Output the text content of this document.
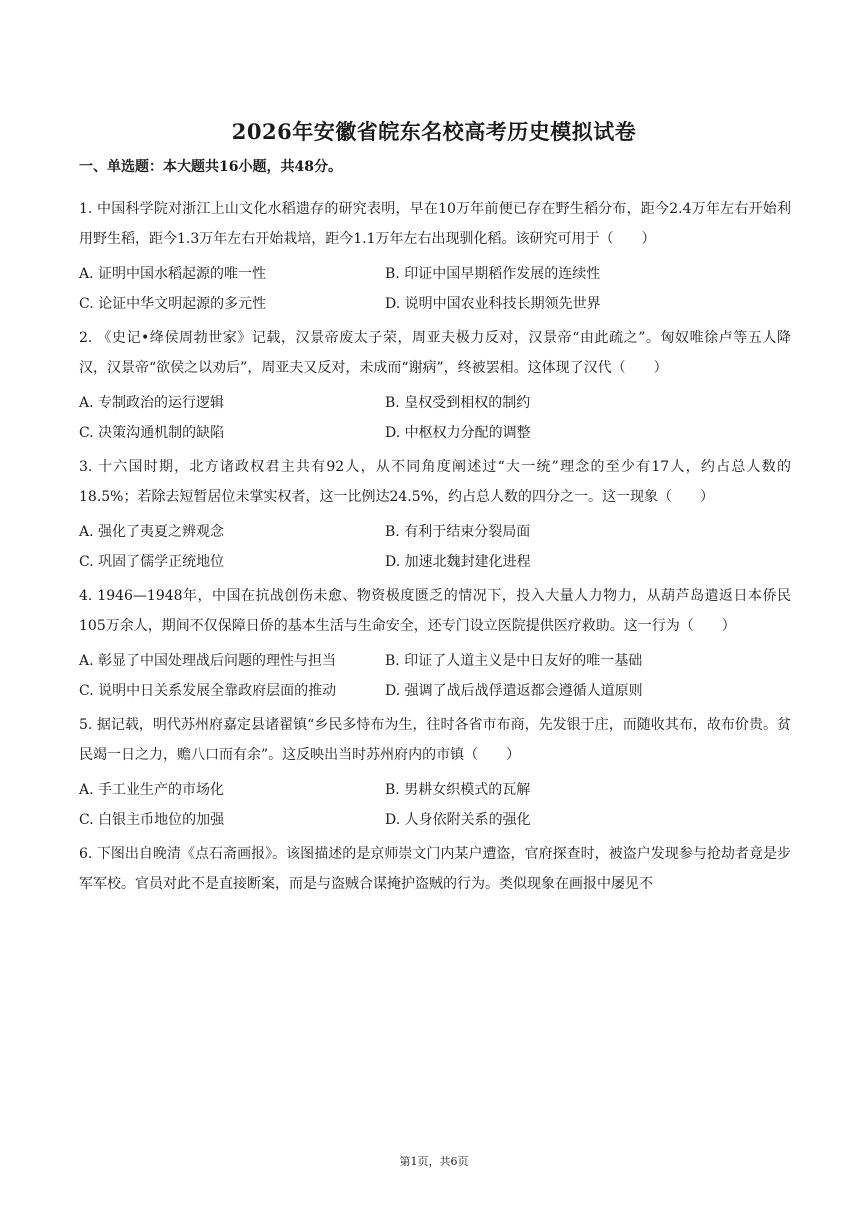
2026年安徽省皖东名校高考历史模拟试卷
一、单选题：本大题共16小题，共48分。

1. 中国科学院对浙江上山文化水稻遗存的研究表明，早在10万年前便已存在野生稻分布，距今2.4万年左右开始利用野生稻，距今1.3万年左右开始栽培，距今1.1万年左右出现驯化稻。该研究可用于（　　）

A. 证明中国水稻起源的唯一性	B. 印证中国早期稻作发展的连续性
C. 论证中华文明起源的多元性	D. 说明中国农业科技长期领先世界

2. 《史记•绛侯周勃世家》记载，汉景帝废太子荣，周亚夫极力反对，汉景帝“由此疏之”。匈奴唯徐卢等五人降汉，汉景帝“欲侯之以劝后”，周亚夫又反对，未成而“谢病”，终被罢相。这体现了汉代（　　）

A. 专制政治的运行逻辑	B. 皇权受到相权的制约
C. 决策沟通机制的缺陷	D. 中枢权力分配的调整

3. 十六国时期，北方诸政权君主共有92人，从不同角度阐述过“大一统”理念的至少有17人，约占总人数的18.5%；若除去短暂居位未掌实权者，这一比例达24.5%，约占总人数的四分之一。这一现象（　　）

A. 强化了夷夏之辨观念	B. 有利于结束分裂局面
C. 巩固了儒学正统地位	D. 加速北魏封建化进程

4. 1946—1948年，中国在抗战创伤未愈、物资极度匮乏的情况下，投入大量人力物力，从葫芦岛遣返日本侨民105万余人，期间不仅保障日侨的基本生活与生命安全，还专门设立医院提供医疗救助。这一行为（　　）

A. 彰显了中国处理战后问题的理性与担当	B. 印证了人道主义是中日友好的唯一基础
C. 说明中日关系发展全靠政府层面的推动	D. 强调了战后战俘遣返都会遵循人道原则

5. 据记载，明代苏州府嘉定县诸翟镇“乡民多恃布为生，往时各省市布商，先发银于庄，而随收其布，故布价贵。贫民竭一日之力，赡八口而有余”。这反映出当时苏州府内的市镇（　　）

A. 手工业生产的市场化	B. 男耕女织模式的瓦解
C. 白银主币地位的加强	D. 人身依附关系的强化

6. 下图出自晚清《点石斋画报》。该图描述的是京师崇文门内某户遭盗，官府探查时，被盗户发现参与抢劫者竟是步军军校。官员对此不是直接断案，而是与盗贼合谋掩护盗贼的行为。类似现象在画报中屡见不

第1页，共6页
